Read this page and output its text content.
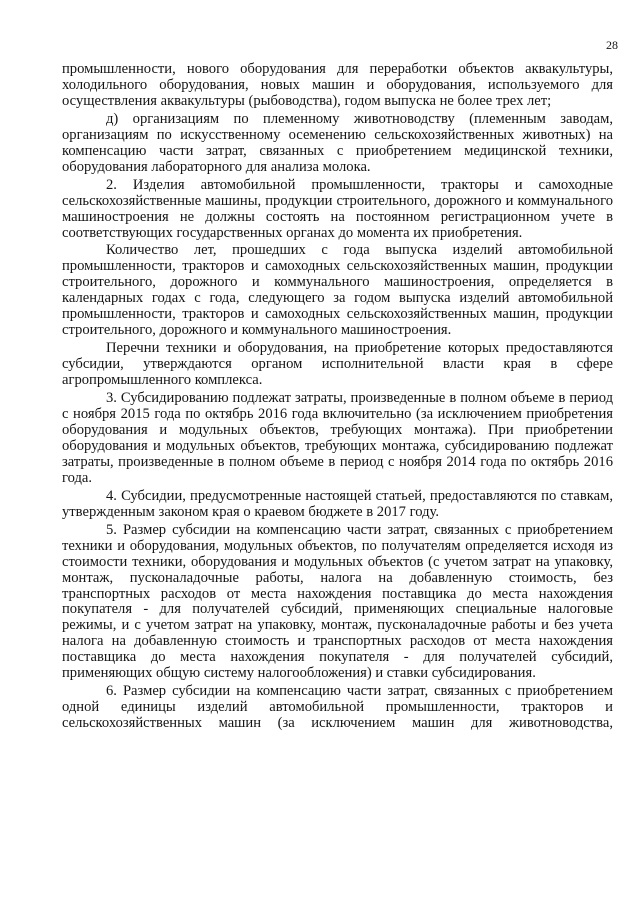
28

промышленности, нового оборудования для переработки объектов аквакультуры, холодильного оборудования, новых машин и оборудования, используемого для осуществления аквакультуры (рыбоводства), годом выпуска не более трех лет;

д) организациям по племенному животноводству (племенным заводам, организациям по искусственному осеменению сельскохозяйственных животных) на компенсацию части затрат, связанных с приобретением медицинской техники, оборудования лабораторного для анализа молока.

2. Изделия автомобильной промышленности, тракторы и самоходные сельскохозяйственные машины, продукции строительного, дорожного и коммунального машиностроения не должны состоять на постоянном регистрационном учете в соответствующих государственных органах до момента их приобретения.

Количество лет, прошедших с года выпуска изделий автомобильной промышленности, тракторов и самоходных сельскохозяйственных машин, продукции строительного, дорожного и коммунального машиностроения, определяется в календарных годах с года, следующего за годом выпуска изделий автомобильной промышленности, тракторов и самоходных сельскохозяйственных машин, продукции строительного, дорожного и коммунального машиностроения.

Перечни техники и оборудования, на приобретение которых предоставляются субсидии, утверждаются органом исполнительной власти края в сфере агропромышленного комплекса.

3. Субсидированию подлежат затраты, произведенные в полном объеме в период с ноября 2015 года по октябрь 2016 года включительно (за исключением приобретения оборудования и модульных объектов, требующих монтажа). При приобретении оборудования и модульных объектов, требующих монтажа, субсидированию подлежат затраты, произведенные в полном объеме в период с ноября 2014 года по октябрь 2016 года.

4. Субсидии, предусмотренные настоящей статьей, предоставляются по ставкам, утвержденным законом края о краевом бюджете в 2017 году.

5. Размер субсидии на компенсацию части затрат, связанных с приобретением техники и оборудования, модульных объектов, по получателям определяется исходя из стоимости техники, оборудования и модульных объектов (с учетом затрат на упаковку, монтаж, пусконаладочные работы, налога на добавленную стоимость, без транспортных расходов от места нахождения поставщика до места нахождения покупателя - для получателей субсидий, применяющих специальные налоговые режимы, и с учетом затрат на упаковку, монтаж, пусконаладочные работы и без учета налога на добавленную стоимость и транспортных расходов от места нахождения поставщика до места нахождения покупателя - для получателей субсидий, применяющих общую систему налогообложения) и ставки субсидирования.

6. Размер субсидии на компенсацию части затрат, связанных с приобретением одной единицы изделий автомобильной промышленности, тракторов и сельскохозяйственных машин (за исключением машин для животноводства,
